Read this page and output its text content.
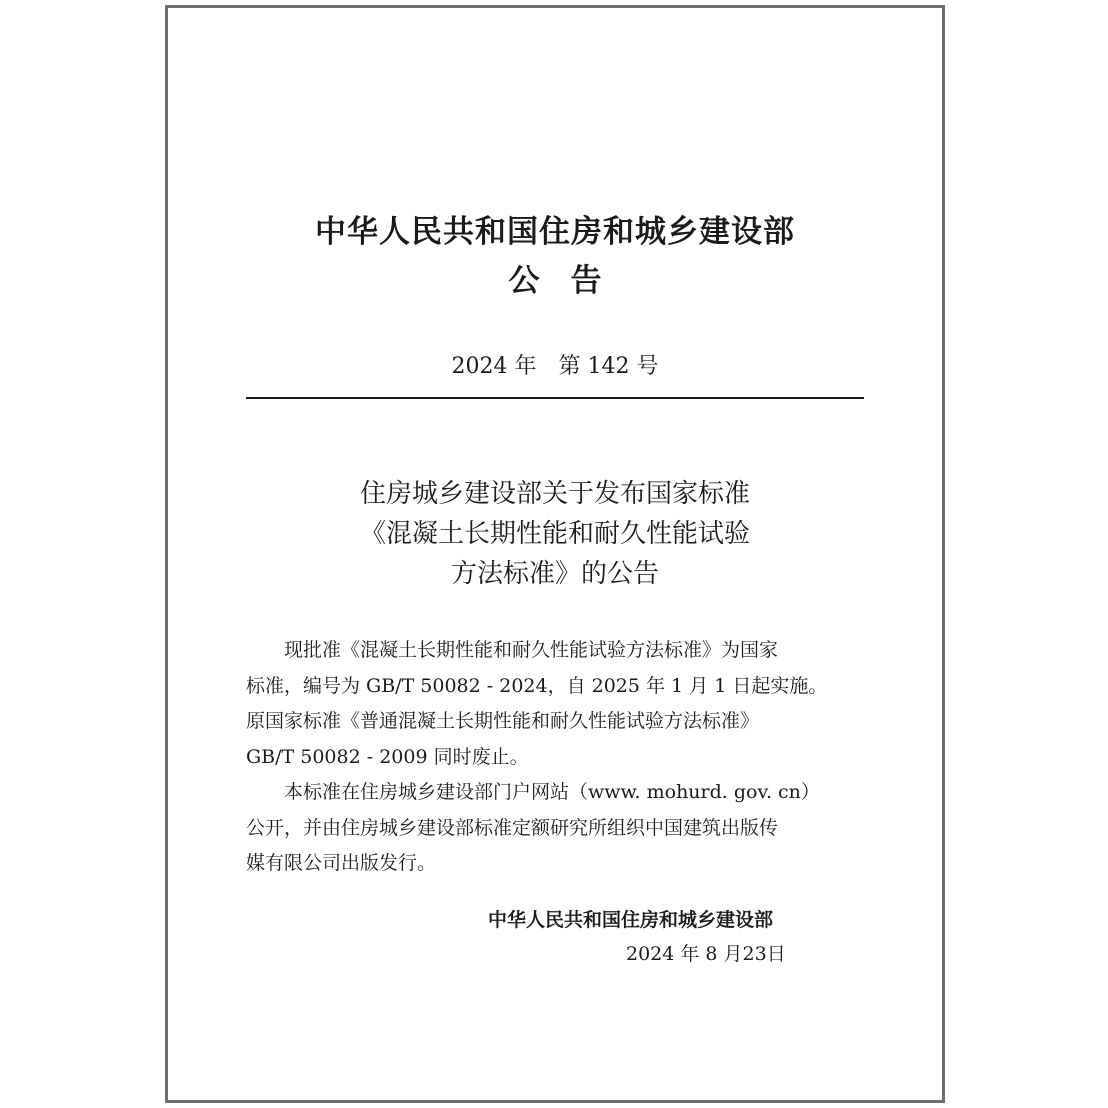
中华人民共和国住房和城乡建设部
公　告
2024 年　第 142 号
住房城乡建设部关于发布国家标准
《混凝土长期性能和耐久性能试验
方法标准》的公告
现批准《混凝土长期性能和耐久性能试验方法标准》为国家
标准，编号为 GB/T 50082 - 2024，自 2025 年 1 月 1 日起实施。
原国家标准《普通混凝土长期性能和耐久性能试验方法标准》
GB/T 50082 - 2009 同时废止。
本标准在住房城乡建设部门户网站（www. mohurd. gov. cn）
公开，并由住房城乡建设部标准定额研究所组织中国建筑出版传
媒有限公司出版发行。
中华人民共和国住房和城乡建设部
2024 年 8 月23日
